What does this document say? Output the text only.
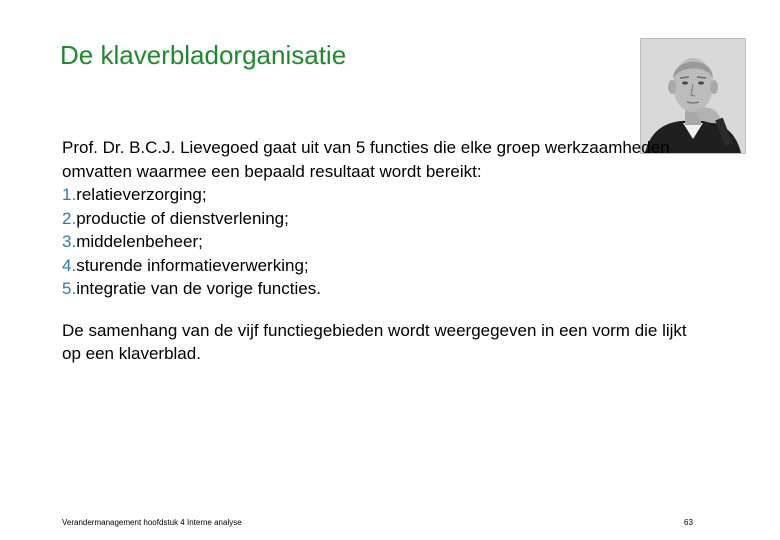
De klaverbladorganisatie

Prof. Dr. B.C.J. Lievegoed gaat uit van 5 functies die elke groep werkzaamheden omvatten waarmee een bepaald resultaat wordt bereikt:

1.relatieverzorging;
2.productie of dienstverlening;
3.middelenbeheer;
4.sturende informatieverwerking;
5.integratie van de vorige functies.

De samenhang van de vijf functiegebieden wordt weergegeven in een vorm die lijkt op een klaverblad.

Verandermanagement hoofdstuk 4 Interne analyse	63
